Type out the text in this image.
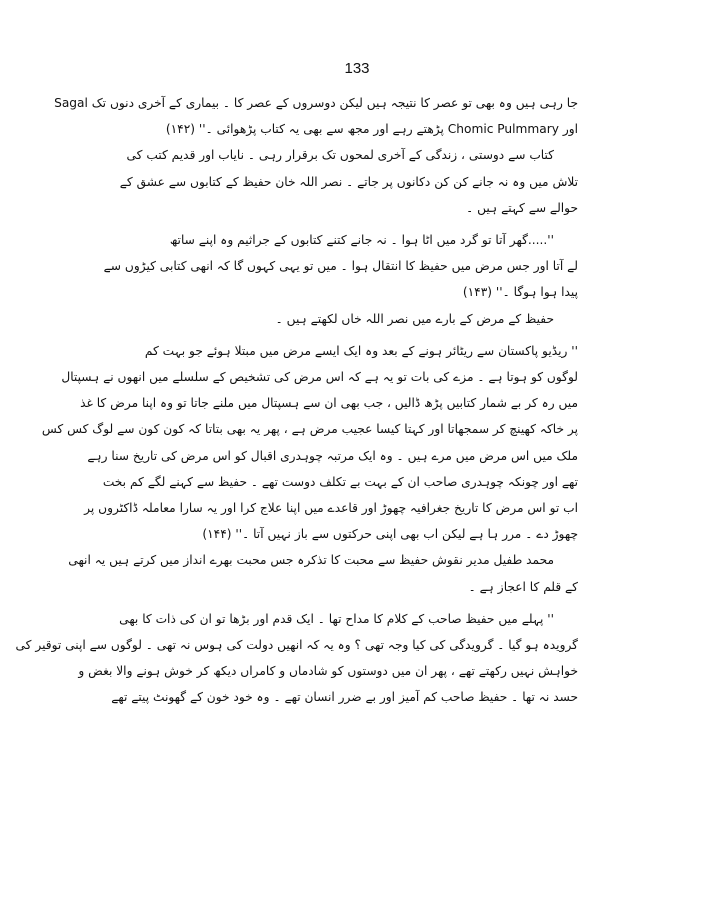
133
جا رہی ہیں وہ بھی تو عصر کا نتیجہ ہیں لیکن دوسروں کے عصر کا ۔ بیماری کے آخری دنوں تک Sagal
اور Chomic Pulmmary پڑھتے رہے اور مجھ سے بھی یہ کتاب پڑھوائی ۔'' (۱۴۲)
کتاب سے دوستی ، زندگی کے آخری لمحوں تک برقرار رہی ۔ نایاب اور قدیم کتب کی
تلاش میں وہ نہ جانے کن کن دکانوں پر جاتے ۔ نصر اللہ خان حفیظ کے کتابوں سے عشق کے
حوالے سے کہتے ہیں ۔
''.....گھر آتا تو گرد میں اٹا ہوا ۔ نہ جانے کتنے کتابوں کے جراثیم وہ اپنے ساتھ
لے آتا اور جس مرض میں حفیظ کا انتقال ہوا ۔ میں تو یہی کہوں گا کہ انھی کتابی کیڑوں سے
پیدا ہوا ہوگا ۔'' (۱۴۳)
حفیظ کے مرض کے بارے میں نصر اللہ خاں لکھتے ہیں ۔
'' ریڈیو پاکستان سے ریٹائر ہونے کے بعد وہ ایک ایسے مرض میں مبتلا ہوئے جو بہت کم
لوگوں کو ہوتا ہے ۔ مزے کی بات تو یہ ہے کہ اس مرض کی تشخیص کے سلسلے میں انھوں نے ہسپتال
میں رہ کر بے شمار کتابیں پڑھ ڈالیں ، جب بھی ان سے ہسپتال میں ملنے جاتا تو وہ اپنا مرض کا غذ
پر خاکہ کھینچ کر سمجھاتا اور کہتا کیسا عجیب مرض ہے ، پھر یہ بھی بتاتا کہ کون کون سے لوگ کس کس
ملک میں اس مرض میں مرے ہیں ۔ وہ ایک مرتبہ چوہدری اقبال کو اس مرض کی تاریخ سنا رہے
تھے اور چونکہ چوہدری صاحب ان کے بہت بے تکلف دوست تھے ۔ حفیظ سے کہنے لگے کم بخت
اب تو اس مرض کا تاریخ جغرافیہ چھوڑ اور قاعدے میں اپنا علاج کرا اور یہ سارا معاملہ ڈاکٹروں پر
چھوڑ دے ۔ مرر ہا ہے لیکن اب بھی اپنی حرکتوں سے باز نہیں آتا ۔'' (۱۴۴)
محمد طفیل مدیر نقوش حفیظ سے محبت کا تذکرہ جس محبت بھرے انداز میں کرتے ہیں یہ انھی
کے قلم کا اعجاز ہے ۔
'' پہلے میں حفیظ صاحب کے کلام کا مداح تھا ۔ ایک قدم اور بڑھا تو ان کی ذات کا بھی
گرویدہ ہو گیا ۔ گرویدگی کی کیا وجہ تھی ؟ وہ یہ کہ انھیں دولت کی ہوس نہ تھی ۔ لوگوں سے اپنی توقیر کی
خواہش نہیں رکھتے تھے ، پھر ان میں دوستوں کو شادماں و کامراں دیکھ کر خوش ہونے والا بغض و
حسد نہ تھا ۔ حفیظ صاحب کم آمیز اور بے ضرر انسان تھے ۔ وہ خود خون کے گھونٹ پیتے تھے
